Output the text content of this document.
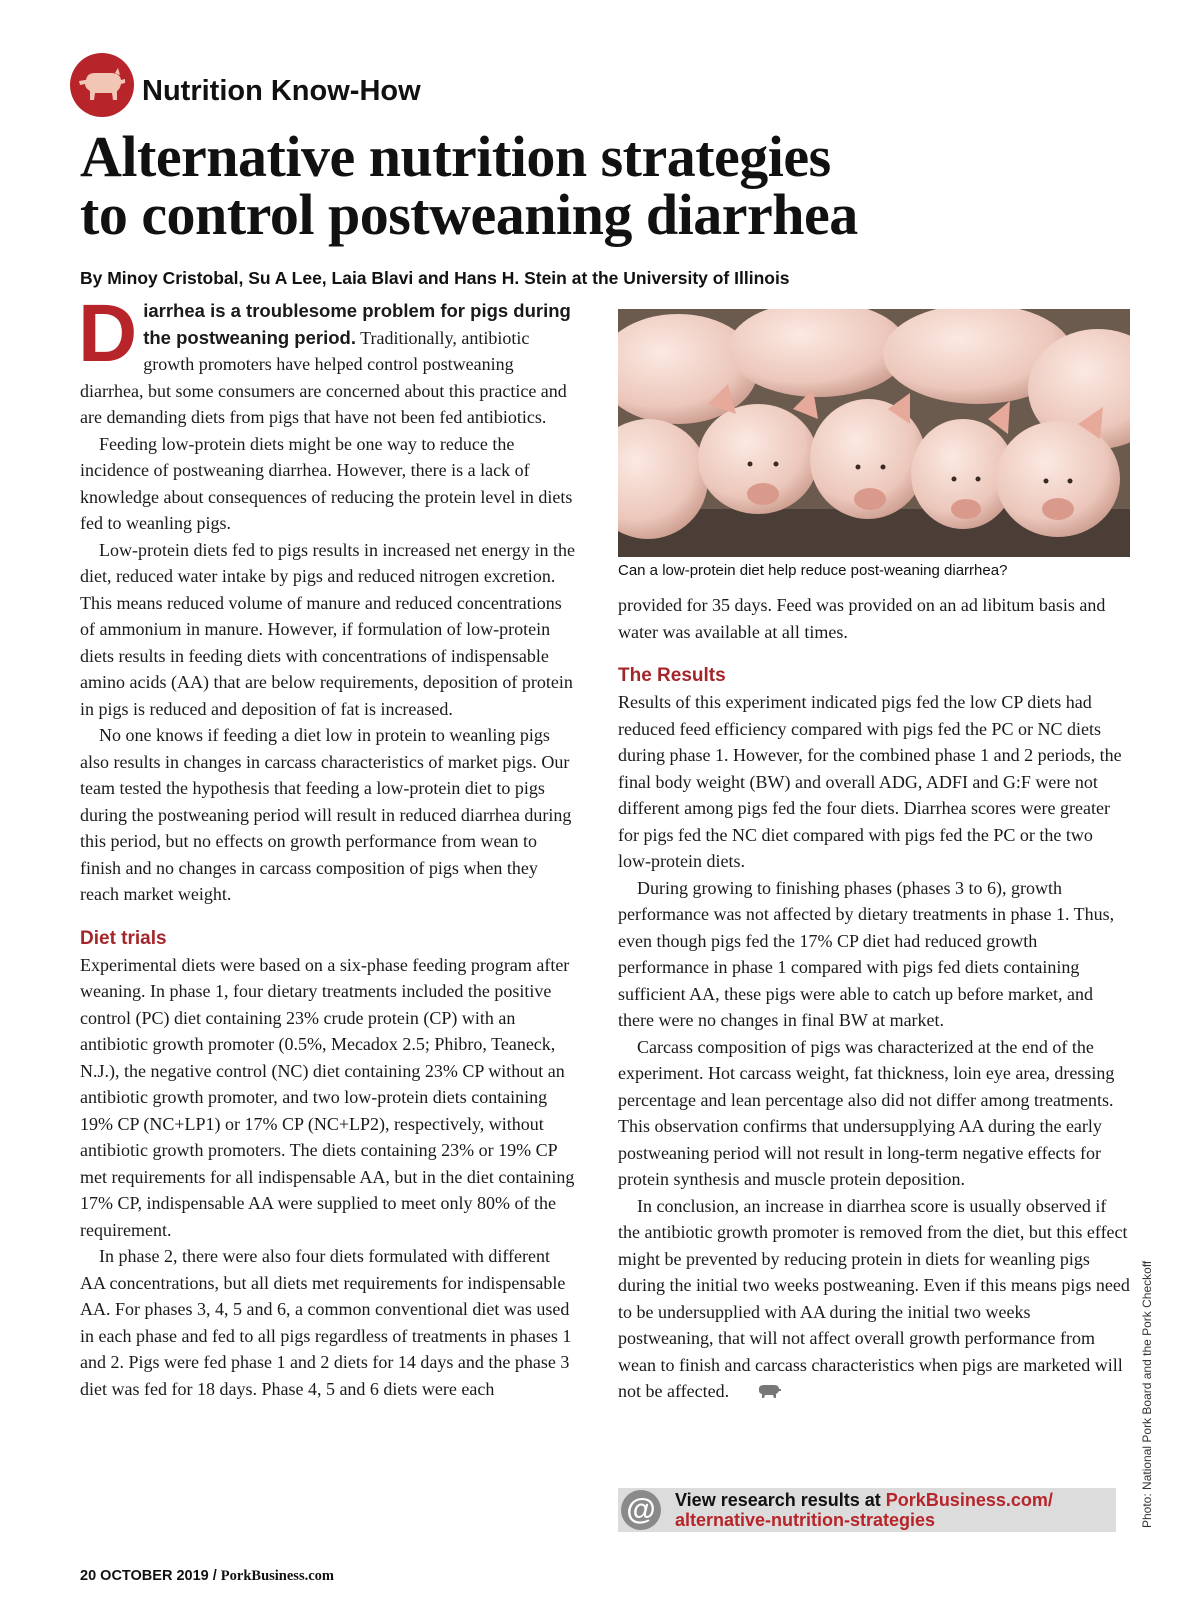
Nutrition Know-How
Alternative nutrition strategies
to control postweaning diarrhea

By Minoy Cristobal, Su A Lee, Laia Blavi and Hans H. Stein at the University of Illinois

Diarrhea is a troublesome problem for pigs during the postweaning period. Traditionally, antibiotic growth promoters have helped control postweaning diarrhea, but some consumers are concerned about this practice and are demanding diets from pigs that have not been fed antibiotics.

Feeding low-protein diets might be one way to reduce the incidence of postweaning diarrhea. However, there is a lack of knowledge about consequences of reducing the protein level in diets fed to weanling pigs.

Low-protein diets fed to pigs results in increased net energy in the diet, reduced water intake by pigs and reduced nitrogen excretion. This means reduced volume of manure and reduced concentrations of ammonium in manure. However, if formulation of low-protein diets results in feeding diets with concentrations of indispensable amino acids (AA) that are below requirements, deposition of protein in pigs is reduced and deposition of fat is increased.

No one knows if feeding a diet low in protein to weanling pigs also results in changes in carcass characteristics of market pigs. Our team tested the hypothesis that feeding a low-protein diet to pigs during the postweaning period will result in reduced diarrhea during this period, but no effects on growth performance from wean to finish and no changes in carcass composition of pigs when they reach market weight.

Diet trials

Experimental diets were based on a six-phase feeding program after weaning. In phase 1, four dietary treatments included the positive control (PC) diet containing 23% crude protein (CP) with an antibiotic growth promoter (0.5%, Mecadox 2.5; Phibro, Teaneck, N.J.), the negative control (NC) diet containing 23% CP without an antibiotic growth promoter, and two low-protein diets containing 19% CP (NC+LP1) or 17% CP (NC+LP2), respectively, without antibiotic growth promoters. The diets containing 23% or 19% CP met requirements for all indispensable AA, but in the diet containing 17% CP, indispensable AA were supplied to meet only 80% of the requirement.

In phase 2, there were also four diets formulated with different AA concentrations, but all diets met requirements for indispensable AA. For phases 3, 4, 5 and 6, a common conventional diet was used in each phase and fed to all pigs regardless of treatments in phases 1 and 2. Pigs were fed phase 1 and 2 diets for 14 days and the phase 3 diet was fed for 18 days. Phase 4, 5 and 6 diets were each

Can a low-protein diet help reduce post-weaning diarrhea?

provided for 35 days. Feed was provided on an ad libitum basis and water was available at all times.

The Results

Results of this experiment indicated pigs fed the low CP diets had reduced feed efficiency compared with pigs fed the PC or NC diets during phase 1. However, for the combined phase 1 and 2 periods, the final body weight (BW) and overall ADG, ADFI and G:F were not different among pigs fed the four diets. Diarrhea scores were greater for pigs fed the NC diet compared with pigs fed the PC or the two low-protein diets.

During growing to finishing phases (phases 3 to 6), growth performance was not affected by dietary treatments in phase 1. Thus, even though pigs fed the 17% CP diet had reduced growth performance in phase 1 compared with pigs fed diets containing sufficient AA, these pigs were able to catch up before market, and there were no changes in final BW at market.

Carcass composition of pigs was characterized at the end of the experiment. Hot carcass weight, fat thickness, loin eye area, dressing percentage and lean percentage also did not differ among treatments. This observation confirms that undersupplying AA during the early postweaning period will not result in long-term negative effects for protein synthesis and muscle protein deposition.

In conclusion, an increase in diarrhea score is usually observed if the antibiotic growth promoter is removed from the diet, but this effect might be prevented by reducing protein in diets for weanling pigs during the initial two weeks postweaning. Even if this means pigs need to be undersupplied with AA during the initial two weeks postweaning, that will not affect overall growth performance from wean to finish and carcass characteristics when pigs are marketed will not be affected.

@ View research results at PorkBusiness.com/
alternative-nutrition-strategies	Photo: National Pork Board and the Pork Checkoff
20 OCTOBER 2019 / PorkBusiness.com
